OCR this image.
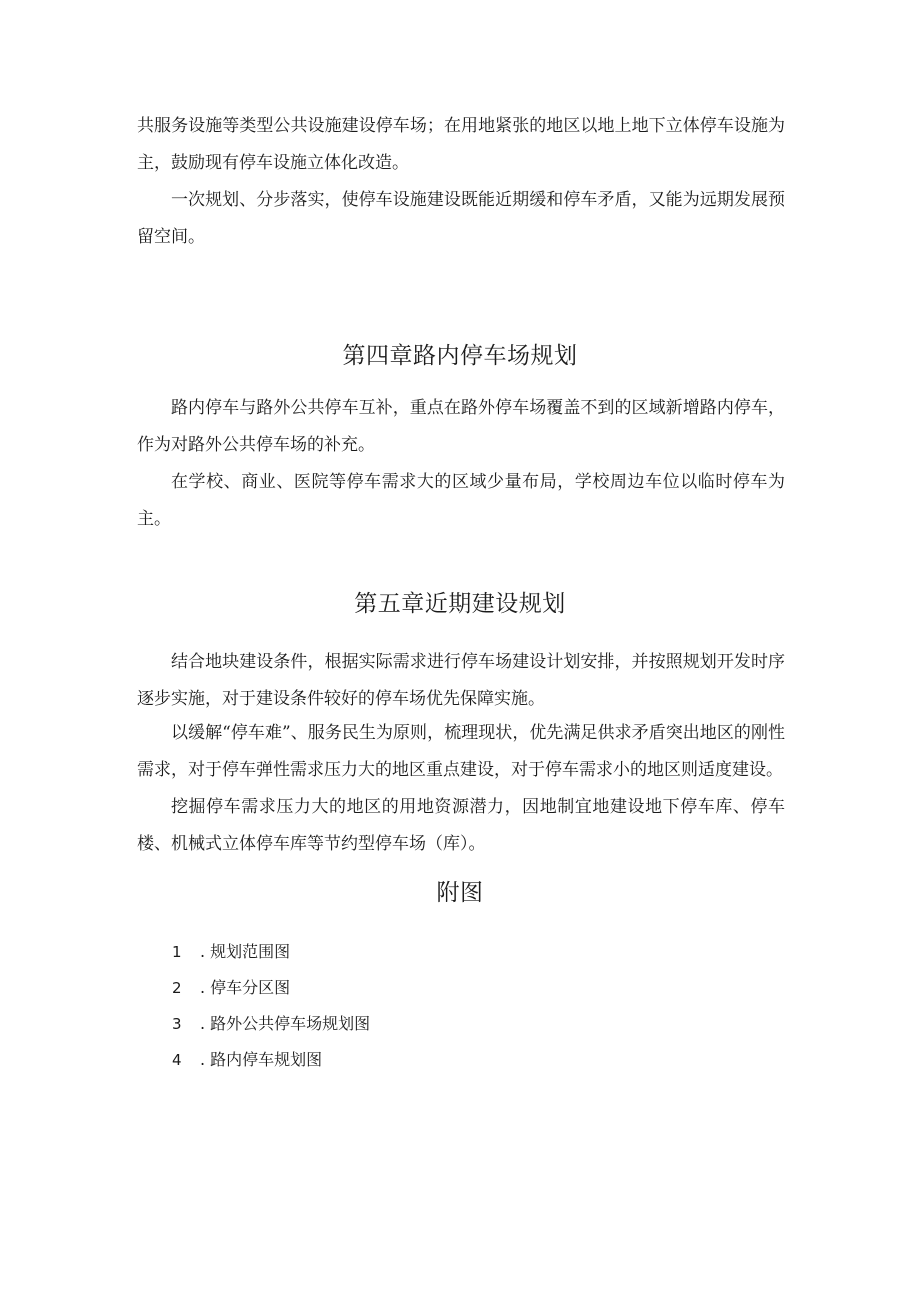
共服务设施等类型公共设施建设停车场；在用地紧张的地区以地上地下立体停车设施为主，鼓励现有停车设施立体化改造。

一次规划、分步落实，使停车设施建设既能近期缓和停车矛盾，又能为远期发展预留空间。

第四章路内停车场规划

路内停车与路外公共停车互补，重点在路外停车场覆盖不到的区域新增路内停车，作为对路外公共停车场的补充。

在学校、商业、医院等停车需求大的区域少量布局，学校周边车位以临时停车为主。

第五章近期建设规划

结合地块建设条件，根据实际需求进行停车场建设计划安排，并按照规划开发时序逐步实施，对于建设条件较好的停车场优先保障实施。

以缓解“停车难”、服务民生为原则，梳理现状，优先满足供求矛盾突出地区的刚性需求，对于停车弹性需求压力大的地区重点建设，对于停车需求小的地区则适度建设。

挖掘停车需求压力大的地区的用地资源潜力，因地制宜地建设地下停车库、停车楼、机械式立体停车库等节约型停车场（库）。

附图
1 . 规划范围图
2 . 停车分区图
3 . 路外公共停车场规划图
4 . 路内停车规划图
